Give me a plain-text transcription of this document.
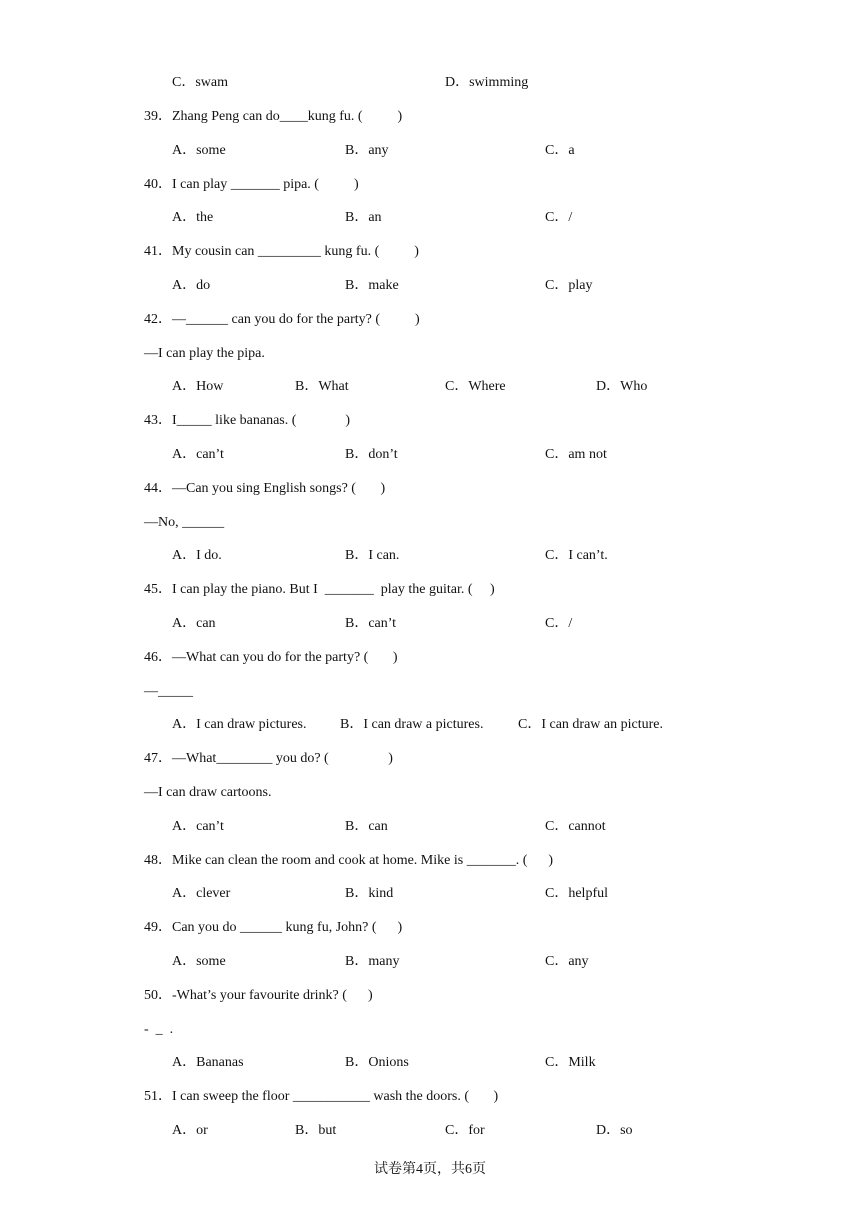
C．swam	D．swimming
39．Zhang Peng can do____kung fu. (          )
A．some	B．any	C．a
40．I can play _______ pipa. (          )
A．the	B．an	C．/
41．My cousin can _________ kung fu. (          )
A．do	B．make	C．play
42．—______ can you do for the party? (          )
—I can play the pipa.
A．How	B．What	C．Where	D．Who
43．I_____ like bananas. (              )
A．can’t	B．don’t	C．am not
44．—Can you sing English songs? (       )
—No, ______
A．I do.	B．I can.	C．I can’t.
45．I can play the piano. But I  _______  play the guitar. (     )
A．can	B．can’t	C．/
46．—What can you do for the party? (       )
—_____
A．I can draw pictures. B．I can draw a pictures. C．I can draw an picture.
47．—What________ you do? (                 )
—I can draw cartoons.
A．can’t	B．can	C．cannot
48．Mike can clean the room and cook at home. Mike is _______. (      )
A．clever	B．kind	C．helpful
49．Can you do ______ kung fu, John? (      )
A．some	B．many	C．any
50．-What’s your favourite drink? (      )
-  _  .
A．Bananas	B．Onions	C．Milk
51．I can sweep the floor ___________ wash the doors. (       )
A．or	B．but	C．for	D．so
试卷第4页，共6页
